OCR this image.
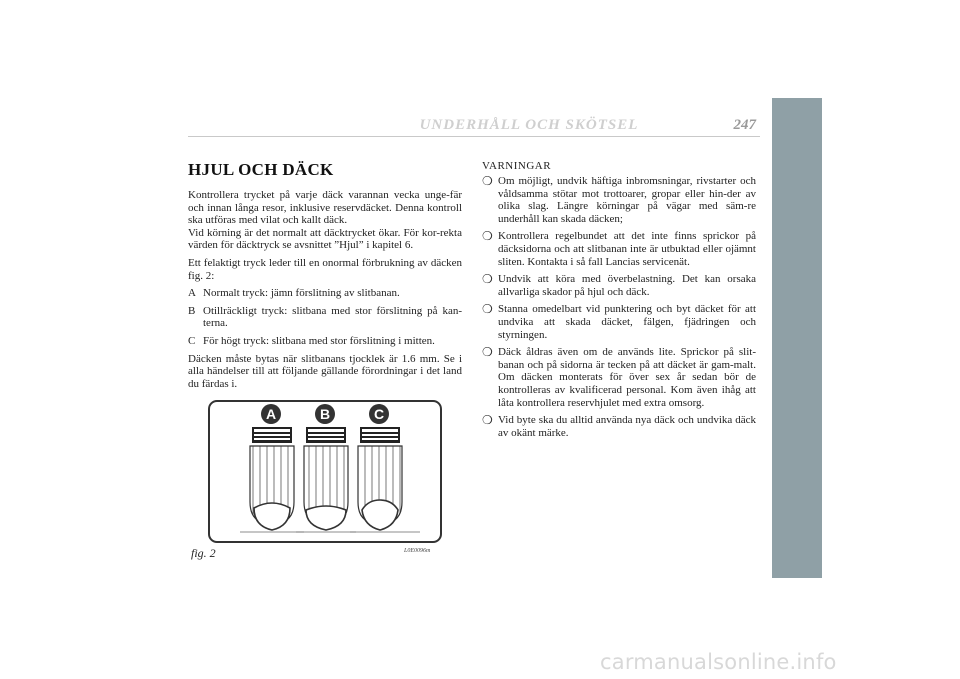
UNDERHÅLL OCH SKÖTSEL	247
HJUL OCH DÄCK

Kontrollera trycket på varje däck varannan vecka unge-fär och innan långa resor, inklusive reservdäcket. Denna kontroll ska utföras med vilat och kallt däck.

Vid körning är det normalt att däcktrycket ökar. För kor-rekta värden för däcktryck se avsnittet ”Hjul” i kapitel 6.

Ett felaktigt tryck leder till en onormal förbrukning av däcken fig. 2:

A Normalt tryck: jämn förslitning av slitbanan.
B Otillräckligt tryck: slitbana med stor förslitning på kan-terna.
C För högt tryck: slitbana med stor förslitning i mitten.

Däcken måste bytas när slitbanans tjocklek är 1.6 mm. Se i alla händelser till att följande gällande förordningar i det land du färdas i.

A	B	C
fig. 2	L0E0096m
VARNINGAR
❍ Om möjligt, undvik häftiga inbromsningar, rivstarter och våldsamma stötar mot trottoarer, gropar eller hin-der av olika slag. Längre körningar på vägar med säm-re underhåll kan skada däcken;
❍ Kontrollera regelbundet att det inte finns sprickor på däcksidorna och att slitbanan inte är utbuktad eller ojämnt sliten. Kontakta i så fall Lancias servicenät.
❍ Undvik att köra med överbelastning. Det kan orsaka allvarliga skador på hjul och däck.
❍ Stanna omedelbart vid punktering och byt däcket för att undvika att skada däcket, fälgen, fjädringen och styrningen.
❍ Däck åldras även om de används lite. Sprickor på slit-banan och på sidorna är tecken på att däcket är gam-malt. Om däcken monterats för över sex år sedan bör de kontrolleras av kvalificerad personal. Kom även ihåg att låta kontrollera reservhjulet med extra omsorg.
❍ Vid byte ska du alltid använda nya däck och undvika däck av okänt märke.
carmanualsonline.info
